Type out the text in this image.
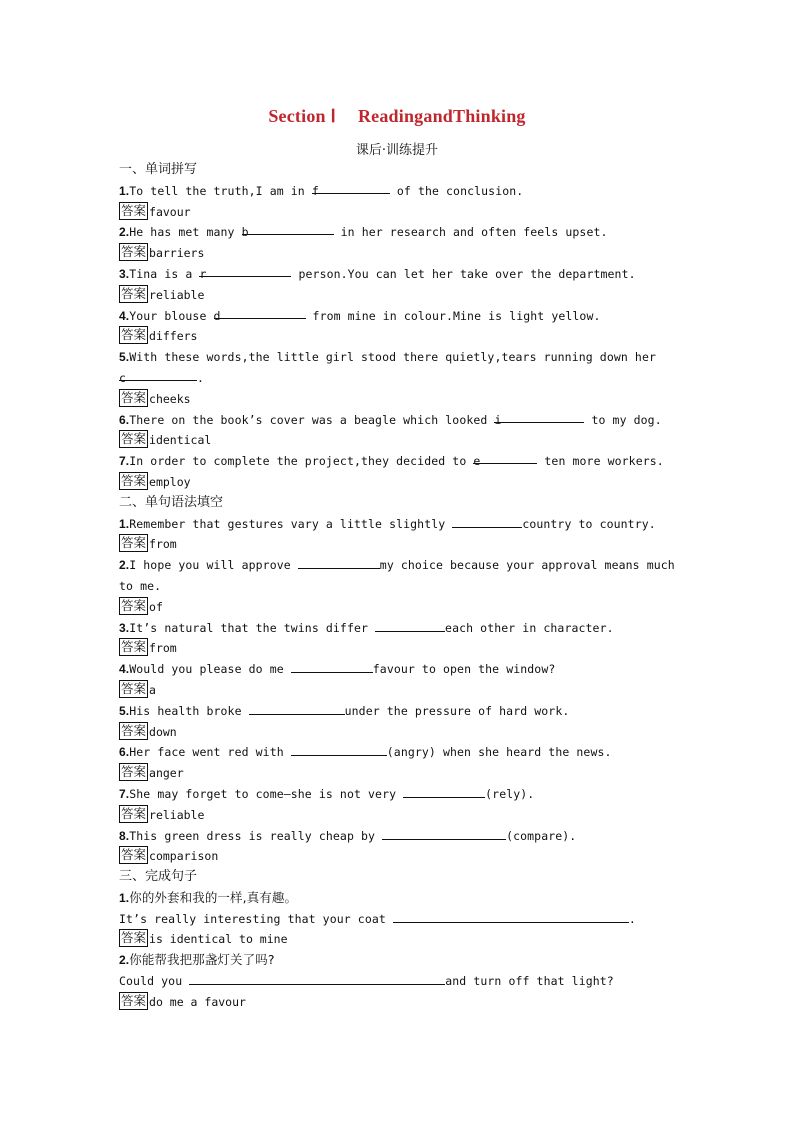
Section Ⅰ ReadingandThinking
课后·训练提升
一、单词拼写
1.To tell the truth,I am in f	of the conclusion.
答案 favour
2.He has met many b	in her research and often feels upset.
答案 barriers
3.Tina is a r	person.You can let her take over the department.
答案 reliable
4.Your blouse d	from mine in colour.Mine is light yellow.
答案 differs
5.With these words,the little girl stood there quietly,tears running down her
c	.
答案 cheeks
6.There on the book’s cover was a beagle which looked i	to my dog.
答案 identical
7.In order to complete the project,they decided to e	ten more workers.
答案 employ
二、单句语法填空
1.Remember that gestures vary a little slightly	country to country.
答案 from
2.I hope you will approve	my choice because your approval means much
to me.
答案 of
3.It’s natural that the twins differ	each other in character.
答案 from
4.Would you please do me	favour to open the window?
答案 a
5.His health broke	under the pressure of hard work.
答案 down
6.Her face went red with	(angry) when she heard the news.
答案 anger
7.She may forget to come—she is not very	(rely).
答案 reliable
8.This green dress is really cheap by	(compare).
答案 comparison
三、完成句子
1.你的外套和我的一样,真有趣。
It’s really interesting that your coat	.
答案 is identical to mine
2.你能帮我把那盏灯关了吗?
Could you	and turn off that light?
答案 do me a favour
